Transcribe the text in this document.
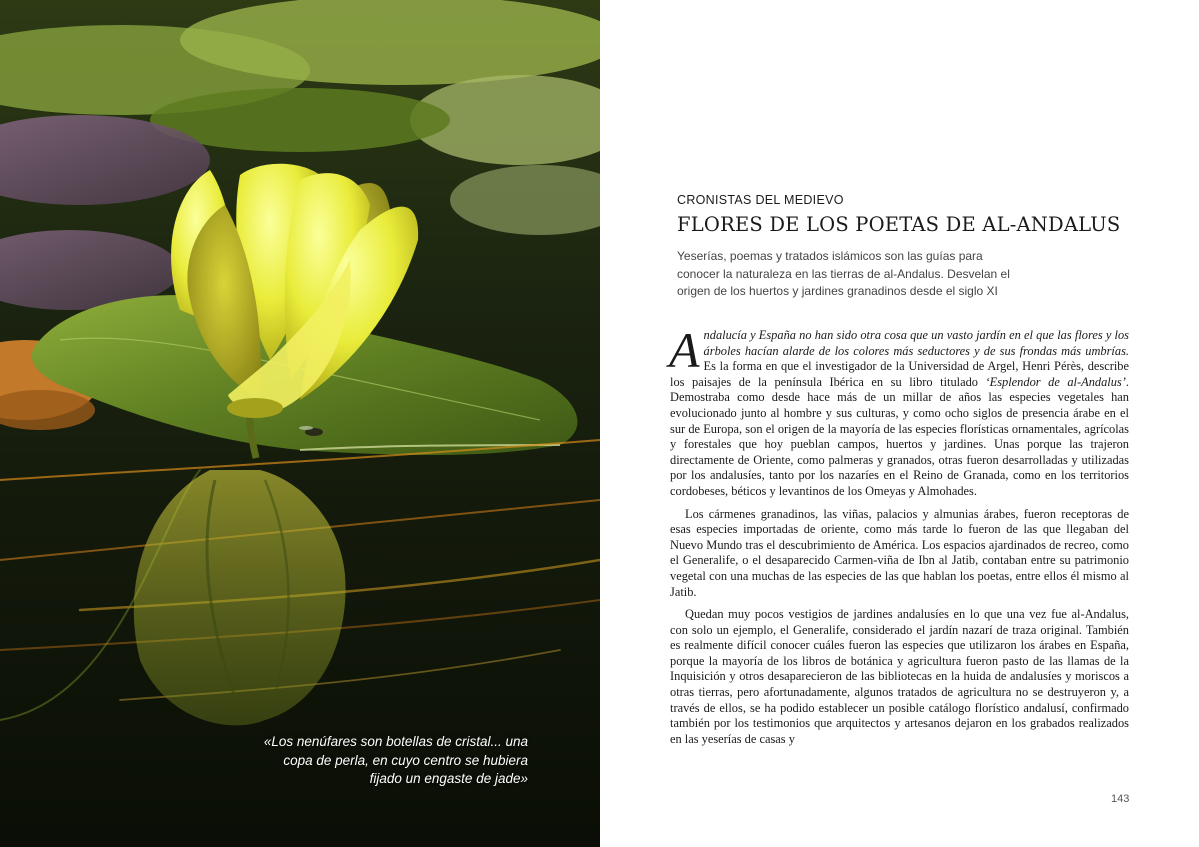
«Los nenúfares son botellas de cristal... una
copa de perla, en cuyo centro se hubiera
fijado un engaste de jade»
CRONISTAS DEL MEDIEVO
FLORES DE LOS POETAS DE AL-ANDALUS

Yeserías, poemas y tratados islámicos son las guías para conocer la naturaleza en las tierras de al-Andalus. Desvelan el origen de los huertos y jardines granadinos desde el siglo XI

Andalucía y España no han sido otra cosa que un vasto jardín en el que las flores y los árboles hacían alarde de los colores más seductores y de sus frondas más umbrías. Es la forma en que el investigador de la Universidad de Argel, Henri Pérès, describe los paisajes de la península Ibérica en su libro titulado ‘Esplendor de al-Andalus’. Demostraba como desde hace más de un millar de años las especies vegetales han evolucionado junto al hombre y sus culturas, y como ocho siglos de presencia árabe en el sur de Europa, son el origen de la mayoría de las especies florísticas ornamentales, agrícolas y forestales que hoy pueblan campos, huertos y jardines. Unas porque las trajeron directamente de Oriente, como palmeras y granados, otras fueron desarrolladas y utilizadas por los andalusíes, tanto por los nazaríes en el Reino de Granada, como en los territorios cordobeses, béticos y levantinos de los Omeyas y Almohades.

Los cármenes granadinos, las viñas, palacios y almunias árabes, fueron receptoras de esas especies importadas de oriente, como más tarde lo fueron de las que llegaban del Nuevo Mundo tras el descubrimiento de América. Los espacios ajardinados de recreo, como el Generalife, o el desaparecido Carmen-viña de Ibn al Jatib, contaban entre su patrimonio vegetal con una muchas de las especies de las que hablan los poetas, entre ellos él mismo al Jatib.

Quedan muy pocos vestigios de jardines andalusíes en lo que una vez fue al-Andalus, con solo un ejemplo, el Generalife, considerado el jardín nazarí de traza original. También es realmente difícil conocer cuáles fueron las especies que utilizaron los árabes en España, porque la mayoría de los libros de botánica y agricultura fueron pasto de las llamas de la Inquisición y otros desaparecieron de las bibliotecas en la huida de andalusíes y moriscos a otras tierras, pero afortunadamente, algunos tratados de agricultura no se destruyeron y, a través de ellos, se ha podido establecer un posible catálogo florístico andalusí, confirmado también por los testimonios que arquitectos y artesanos dejaron en los grabados realizados en las yeserías de casas y

143
